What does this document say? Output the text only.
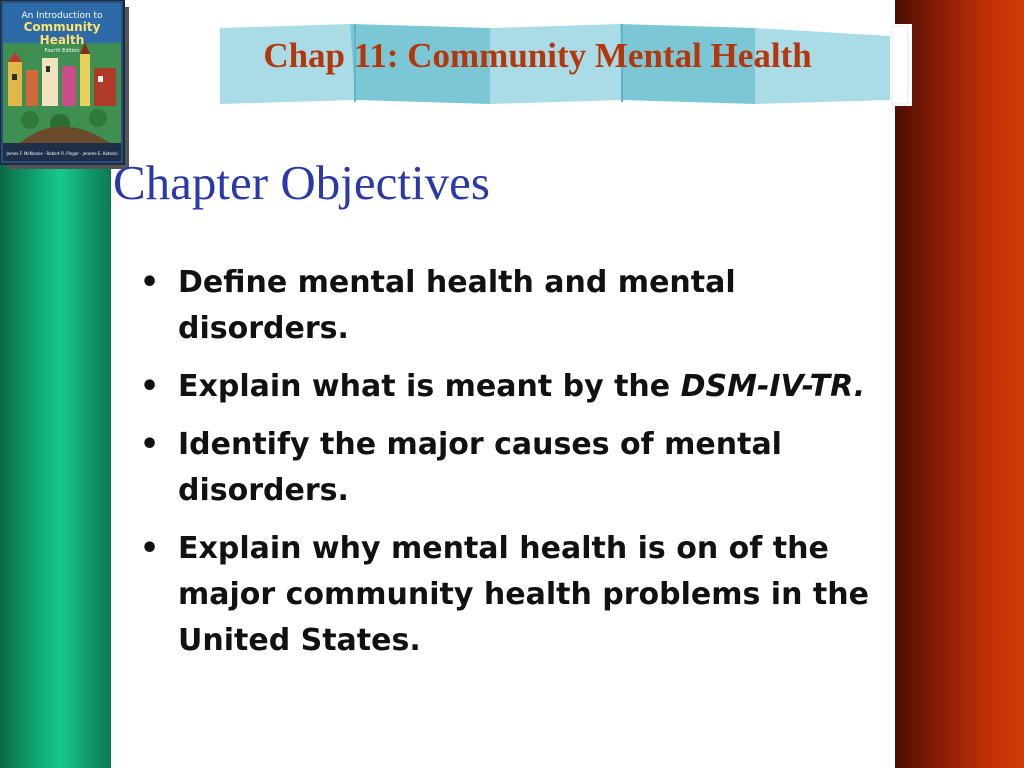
Chap 11: Community Mental Health
An Introduction to
Community
Health
Fourth Edition
James F. McKenzie · Robert R. Pinger · Jerome E. Kotecki
Chapter Objectives
• Define mental health and mental disorders.
• Explain what is meant by the DSM-IV-TR.
• Identify the major causes of mental disorders.
• Explain why mental health is on of the major community health problems in the United States.
